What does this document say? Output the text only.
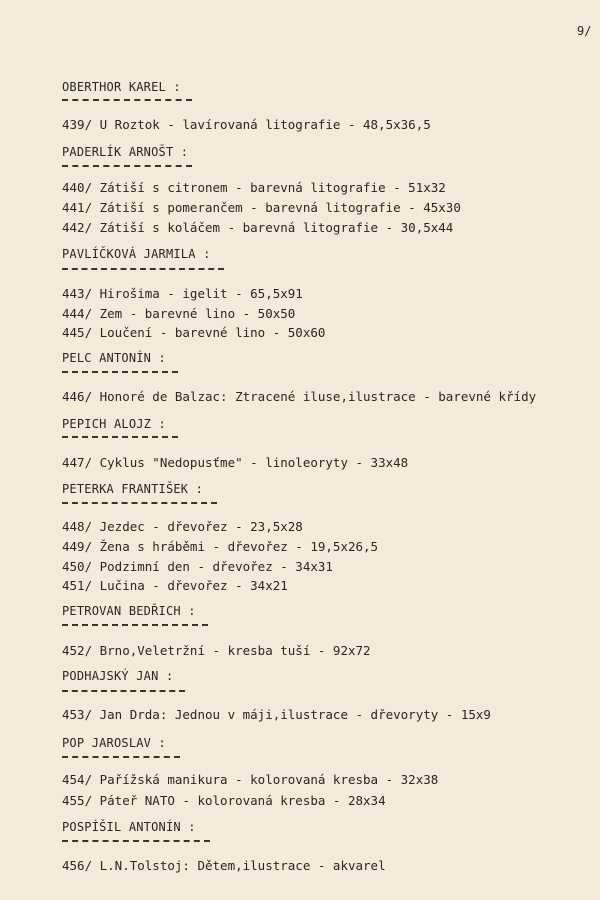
9/
OBERTHOR KAREL :
439/ U Roztok - lavírovaná litografie - 48,5x36,5
PADERLÍK ARNOŠT :
440/ Zátiší s citronem - barevná litografie - 51x32
441/ Zátiší s pomerančem - barevná litografie - 45x30
442/ Zátiší s koláčem - barevná litografie - 30,5x44
PAVLÍČKOVÁ JARMILA :
443/ Hirošima - igelit - 65,5x91
444/ Zem - barevné lino - 50x50
445/ Loučení - barevné lino - 50x60
PELC ANTONÍN :
446/ Honoré de Balzac: Ztracené iluse,ilustrace - barevné křídy
PEPICH ALOJZ :
447/ Cyklus "Nedopusťme" - linoleoryty - 33x48
PETERKA FRANTIŠEK :
448/ Jezdec - dřevořez - 23,5x28
449/ Žena s hráběmi - dřevořez - 19,5x26,5
450/ Podzimní den - dřevořez - 34x31
451/ Lučina - dřevořez - 34x21
PETROVAN BEDŘICH :
452/ Brno,Veletržní - kresba tuší - 92x72
PODHAJSKÝ JAN :
453/ Jan Drda: Jednou v máji,ilustrace - dřevoryty - 15x9
POP JAROSLAV :
454/ Pařížská manikura - kolorovaná kresba - 32x38
455/ Páteř NATO - kolorovaná kresba - 28x34
POSPÍŠIL ANTONÍN :
456/ L.N.Tolstoj: Dětem,ilustrace - akvarel
